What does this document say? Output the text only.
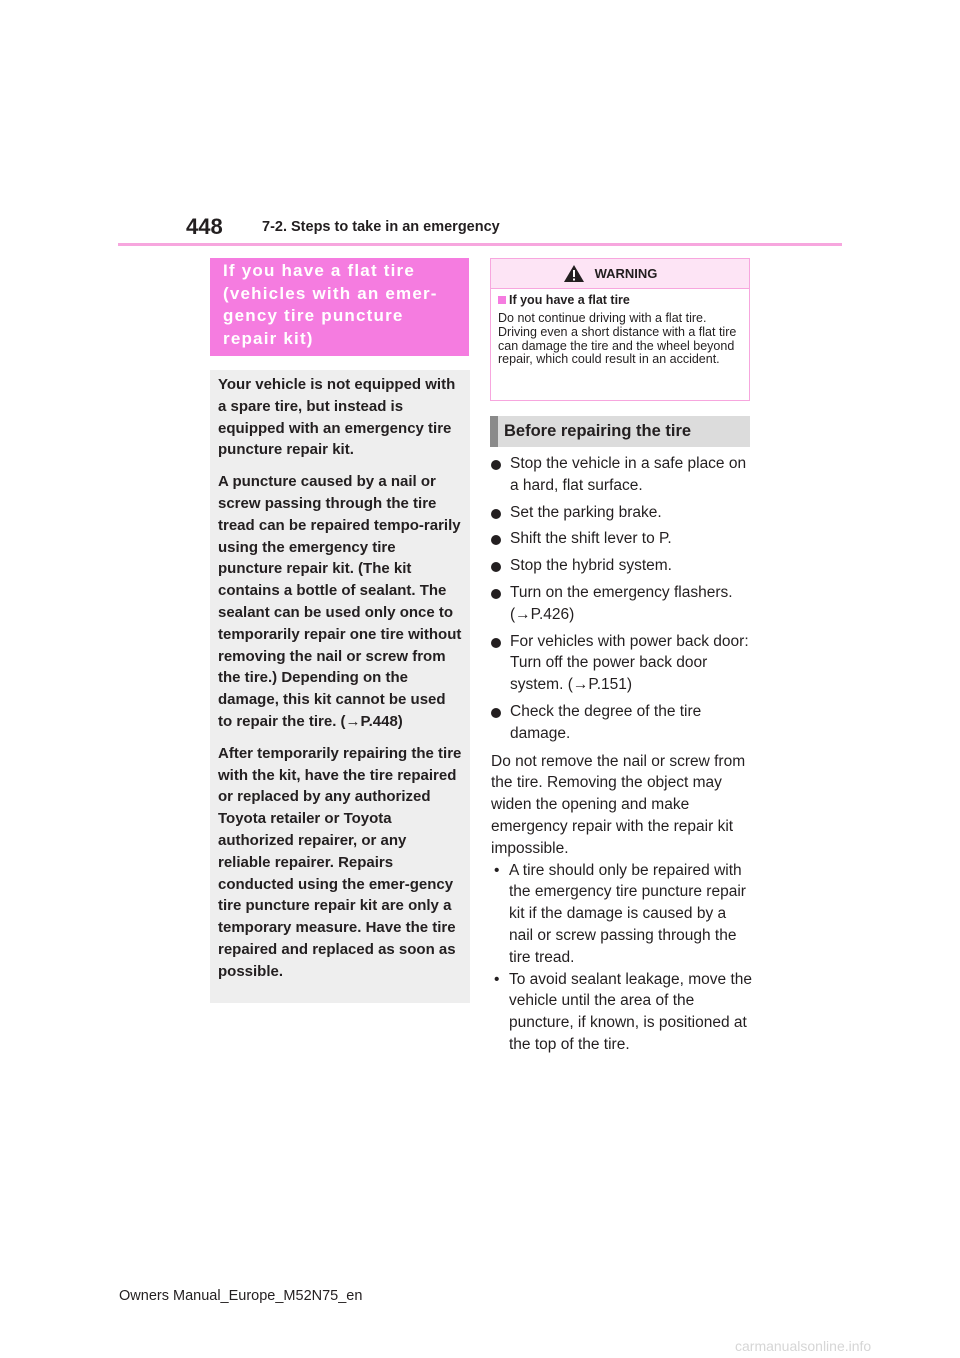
448	7-2. Steps to take in an emergency
If you have a flat tire
(vehicles with an emer-
gency tire puncture
repair kit)

Your vehicle is not equipped with a spare tire, but instead is equipped with an emergency tire puncture repair kit.

A puncture caused by a nail or screw passing through the tire tread can be repaired tempo-rarily using the emergency tire puncture repair kit. (The kit contains a bottle of sealant. The sealant can be used only once to temporarily repair one tire without removing the nail or screw from the tire.) Depending on the damage, this kit cannot be used to repair the tire. (→P.448)

After temporarily repairing the tire with the kit, have the tire repaired or replaced by any authorized Toyota retailer or Toyota authorized repairer, or any reliable repairer. Repairs conducted using the emer-gency tire puncture repair kit are only a temporary measure. Have the tire repaired and replaced as soon as possible.

WARNING
If you have a flat tire

Do not continue driving with a flat tire. Driving even a short distance with a flat tire can damage the tire and the wheel beyond repair, which could result in an accident.

Before repairing the tire
Stop the vehicle in a safe place on a hard, flat surface.
Set the parking brake.
Shift the shift lever to P.
Stop the hybrid system.
Turn on the emergency flashers. (→P.426)
For vehicles with power back door: Turn off the power back door system. (→P.151)
Check the degree of the tire damage.

Do not remove the nail or screw from the tire. Removing the object may widen the opening and make emergency repair with the repair kit impossible.

• A tire should only be repaired with the emergency tire puncture repair kit if the damage is caused by a nail or screw passing through the tire tread.
• To avoid sealant leakage, move the vehicle until the area of the puncture, if known, is positioned at the top of the tire.
Owners Manual_Europe_M52N75_en
carmanualsonline.info
